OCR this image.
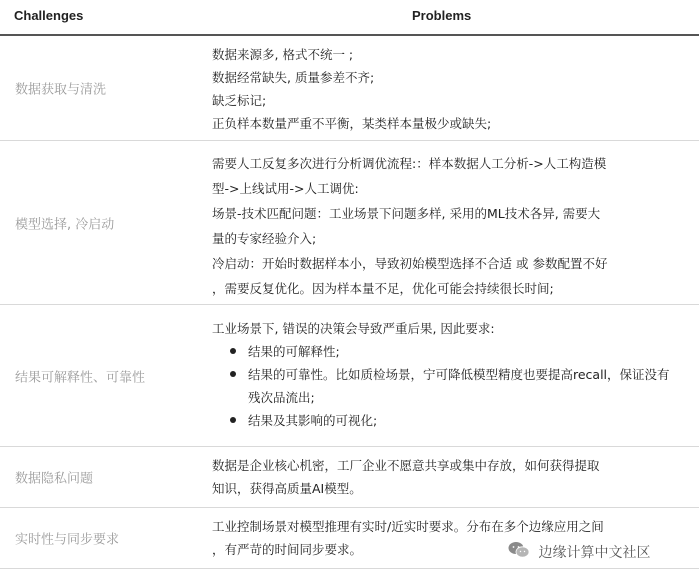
Challenges	Problems
数据获取与清洗
数据来源多, 格式不统一 ;
数据经常缺失, 质量参差不齐;
缺乏标记;
正负样本数量严重不平衡，某类样本量极少或缺失;
模型选择, 冷启动
需要人工反复多次进行分析调优流程:：样本数据人工分析->人工构造模
型->上线试用->人工调优:
场景-技术匹配问题：工业场景下问题多样, 采用的ML技术各异, 需要大
量的专家经验介入;
冷启动：开始时数据样本小，导致初始模型选择不合适 或 参数配置不好
，需要反复优化。因为样本量不足，优化可能会持续很长时间;
结果可解释性、可靠性
工业场景下, 错误的决策会导致严重后果, 因此要求:
结果的可解释性;
结果的可靠性。比如质检场景，宁可降低模型精度也要提高recall，保证没有残次品流出;
结果及其影响的可视化;
数据隐私问题
数据是企业核心机密，工厂企业不愿意共享或集中存放，如何获得提取
知识，获得高质量AI模型。
实时性与同步要求
工业控制场景对模型推理有实时/近实时要求。分布在多个边缘应用之间
，有严苛的时间同步要求。	边缘计算中文社区
